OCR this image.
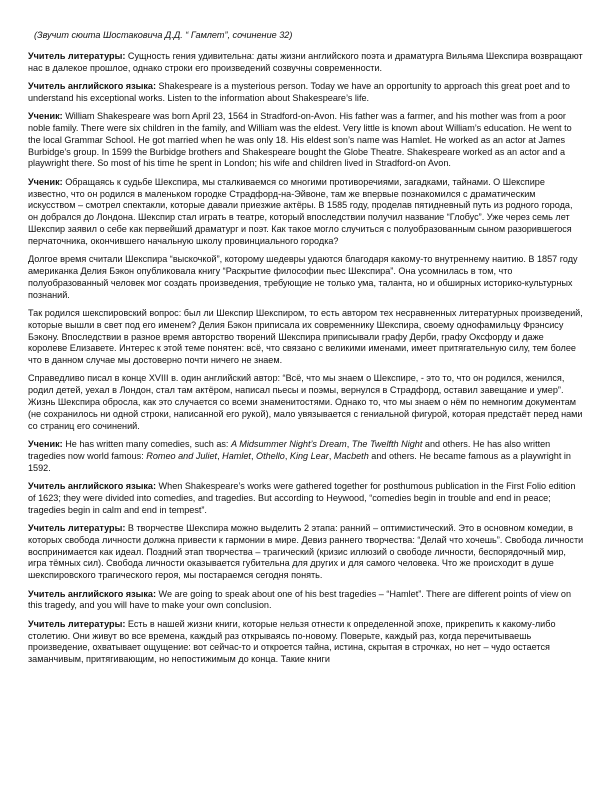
(Звучит сюита Шостаковича Д.Д. “ Гамлет”, сочинение 32)

Учитель литературы: Сущность гения удивительна: даты жизни английского поэта и драматурга Вильяма Шекспира возвращают нас в далекое прошлое, однако строки его произведений созвучны современности.

Учитель английского языка: Shakespeare is a mysterious person. Today we have an opportunity to approach this great poet and to understand his exceptional works. Listen to the information about Shakespeare’s life.

Ученик: William Shakespeare was born April 23, 1564 in Stradford-on-Avon. His father was a farmer, and his mother was from a poor noble family. There were six children in the family, and William was the eldest. Very little is known about William’s education. He went to the local Grammar School. He got married when he was only 18. His eldest son’s name was Hamlet. He worked as an actor at James Burbidge’s group. In 1599 the Burbidge brothers and Shakespeare bought the Globe Theatre. Shakespeare worked as an actor and a playwright there. So most of his time he spent in London; his wife and children lived in Stradford-on Avon.

Ученик: Обращаясь к судьбе Шекспира, мы сталкиваемся со многими противоречиями, загадками, тайнами. О Шекспире известно, что он родился в маленьком городке Страдфорд-на-Эйвоне, там же впервые познакомился с драматическим искусством – смотрел спектакли, которые давали приезжие актёры. В 1585 году, проделав пятидневный путь из родного города, он добрался до Лондона. Шекспир стал играть в театре, который впоследствии получил название “Глобус”. Уже через семь лет Шекспир заявил о себе как первейший драматург и поэт. Как такое могло случиться с полуобразованным сыном разорившегося перчаточника, окончившего начальную школу провинциального городка?

Долгое время считали Шекспира “выскочкой”, которому шедевры удаются благодаря какому-то внутреннему наитию. В 1857 году американка Делия Бэкон опубликовала книгу “Раскрытие философии пьес Шекспира”. Она усомнилась в том, что полуобразованный человек мог создать произведения, требующие не только ума, таланта, но и обширных историко-культурных познаний.

Так родился шекспировский вопрос: был ли Шекспир Шекспиром, то есть автором тех несравненных литературных произведений, которые вышли в свет под его именем? Делия Бэкон приписала их современнику Шекспира, своему однофамильцу Фрэнсису Бэкону. Впоследствии в разное время авторство творений Шекспира приписывали графу Дерби, графу Оксфорду и даже королеве Елизавете. Интерес к этой теме понятен: всё, что связано с великими именами, имеет притягательную силу, тем более что в данном случае мы достоверно почти ничего не знаем.

Справедливо писал в конце XVIII в. один английский автор: “Всё, что мы знаем о Шекспире, - это то, что он родился, женился, родил детей, уехал в Лондон, стал там актёром, написал пьесы и поэмы, вернулся в Страдфорд, оставил завещание и умер”. Жизнь Шекспира обросла, как это случается со всеми знаменитостями. Однако то, что мы знаем о нём по немногим документам (не сохранилось ни одной строки, написанной его рукой), мало увязывается с гениальной фигурой, которая предстаёт перед нами со страниц его сочинений.

Ученик: He has written many comedies, such as: A Midsummer Night’s Dream, The Twelfth Night and others. He has also written tragedies now world famous: Romeo and Juliet, Hamlet, Othello, King Lear, Macbeth and others. He became famous as a playwright in 1592.

Учитель английского языка: When Shakespeare’s works were gathered together for posthumous publication in the First Folio edition of 1623; they were divided into comedies, and tragedies. But according to Heywood, “comedies begin in trouble and end in peace; tragedies begin in calm and end in tempest”.

Учитель литературы: В творчестве Шекспира можно выделить 2 этапа: ранний – оптимистический. Это в основном комедии, в которых свобода личности должна привести к гармонии в мире. Девиз раннего творчества: “Делай что хочешь”. Свобода личности воспринимается как идеал. Поздний этап творчества – трагический (кризис иллюзий о свободе личности, беспорядочный мир, игра тёмных сил). Свобода личности оказывается губительна для других и для самого человека. Что же происходит в душе шекспировского трагического героя, мы постараемся сегодня понять.

Учитель английского языка: We are going to speak about one of his best tragedies – “Hamlet”. There are different points of view on this tragedy, and you will have to make your own conclusion.

Учитель литературы: Есть в нашей жизни книги, которые нельзя отнести к определенной эпохе, прикрепить к какому-либо столетию. Они живут во все времена, каждый раз открываясь по-новому. Поверьте, каждый раз, когда перечитываешь произведение, охватывает ощущение: вот сейчас-то и откроется тайна, истина, скрытая в строчках, но нет – чудо остается заманчивым, притягивающим, но непостижимым до конца. Такие книги
